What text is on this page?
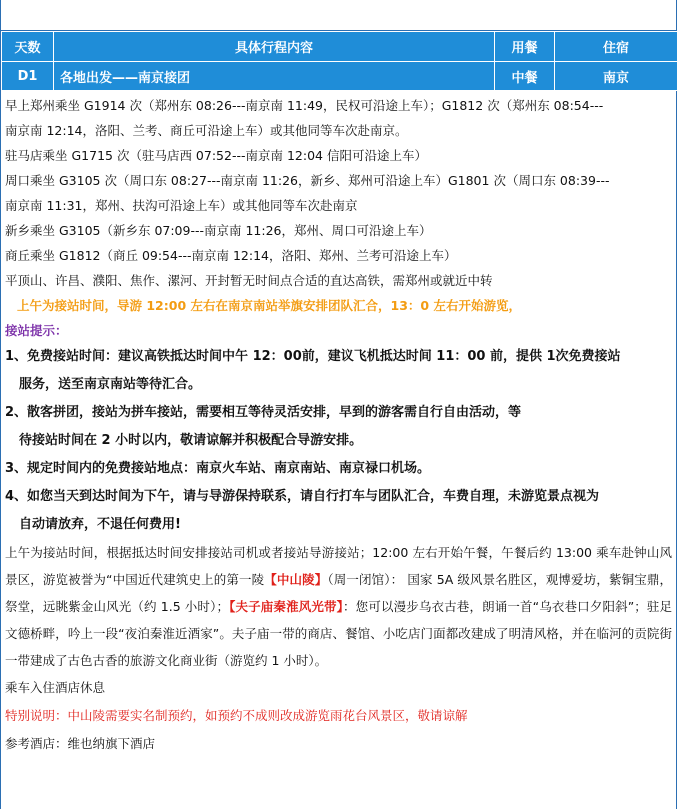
天数	具体行程内容	用餐	住宿
D1	各地出发——南京接团	中餐	南京
早上郑州乘坐 G1914 次（郑州东 08:26---南京南 11:49，民权可沿途上车）；G1812 次（郑州东 08:54---
南京南 12:14，洛阳、兰考、商丘可沿途上车）或其他同等车次赴南京。
驻马店乘坐 G1715 次（驻马店西 07:52---南京南 12:04 信阳可沿途上车）
周口乘坐 G3105 次（周口东 08:27---南京南 11:26，新乡、郑州可沿途上车）G1801 次（周口东 08:39---
南京南 11:31，郑州、扶沟可沿途上车）或其他同等车次赴南京
新乡乘坐 G3105（新乡东 07:09---南京南 11:26，郑州、周口可沿途上车）
商丘乘坐 G1812（商丘 09:54---南京南 12:14，洛阳、郑州、兰考可沿途上车）
平顶山、许昌、濮阳、焦作、漯河、开封暂无时间点合适的直达高铁，需郑州或就近中转
上午为接站时间，导游 12:00 左右在南京南站举旗安排团队汇合，13：0 左右开始游览，
接站提示：
1、免费接站时间：建议高铁抵达时间中午 12：00前，建议飞机抵达时间 11：00 前，提供 1次免费接站
服务，送至南京南站等待汇合。
2、散客拼团，接站为拼车接站，需要相互等待灵活安排，早到的游客需自行自由活动，等
待接站时间在 2 小时以内，敬请谅解并积极配合导游安排。
3、规定时间内的免费接站地点：南京火车站、南京南站、南京禄口机场。
4、如您当天到达时间为下午，请与导游保持联系，请自行打车与团队汇合，车费自理，未游览景点视为
自动请放弃，不退任何费用!
上午为接站时间，根据抵达时间安排接站司机或者接站导游接站；12:00 左右开始午餐，午餐后约 13:00 乘车赴钟山风景区，游览被誉为“中国近代建筑史上的第一陵【中山陵】（周一闭馆）： 国家 5A 级风景名胜区，观博爱坊，紫铜宝鼎，祭堂，远眺紫金山风光（约 1.5 小时）；【夫子庙秦淮风光带】：您可以漫步乌衣古巷，朗诵一首“乌衣巷口夕阳斜”；驻足文德桥畔，吟上一段“夜泊秦淮近酒家”。夫子庙一带的商店、餐馆、小吃店门面都改建成了明清风格，并在临河的贡院街一带建成了古色古香的旅游文化商业街（游览约 1 小时）。
乘车入住酒店休息
特别说明：中山陵需要实名制预约，如预约不成则改成游览雨花台风景区，敬请谅解
参考酒店：维也纳旗下酒店
